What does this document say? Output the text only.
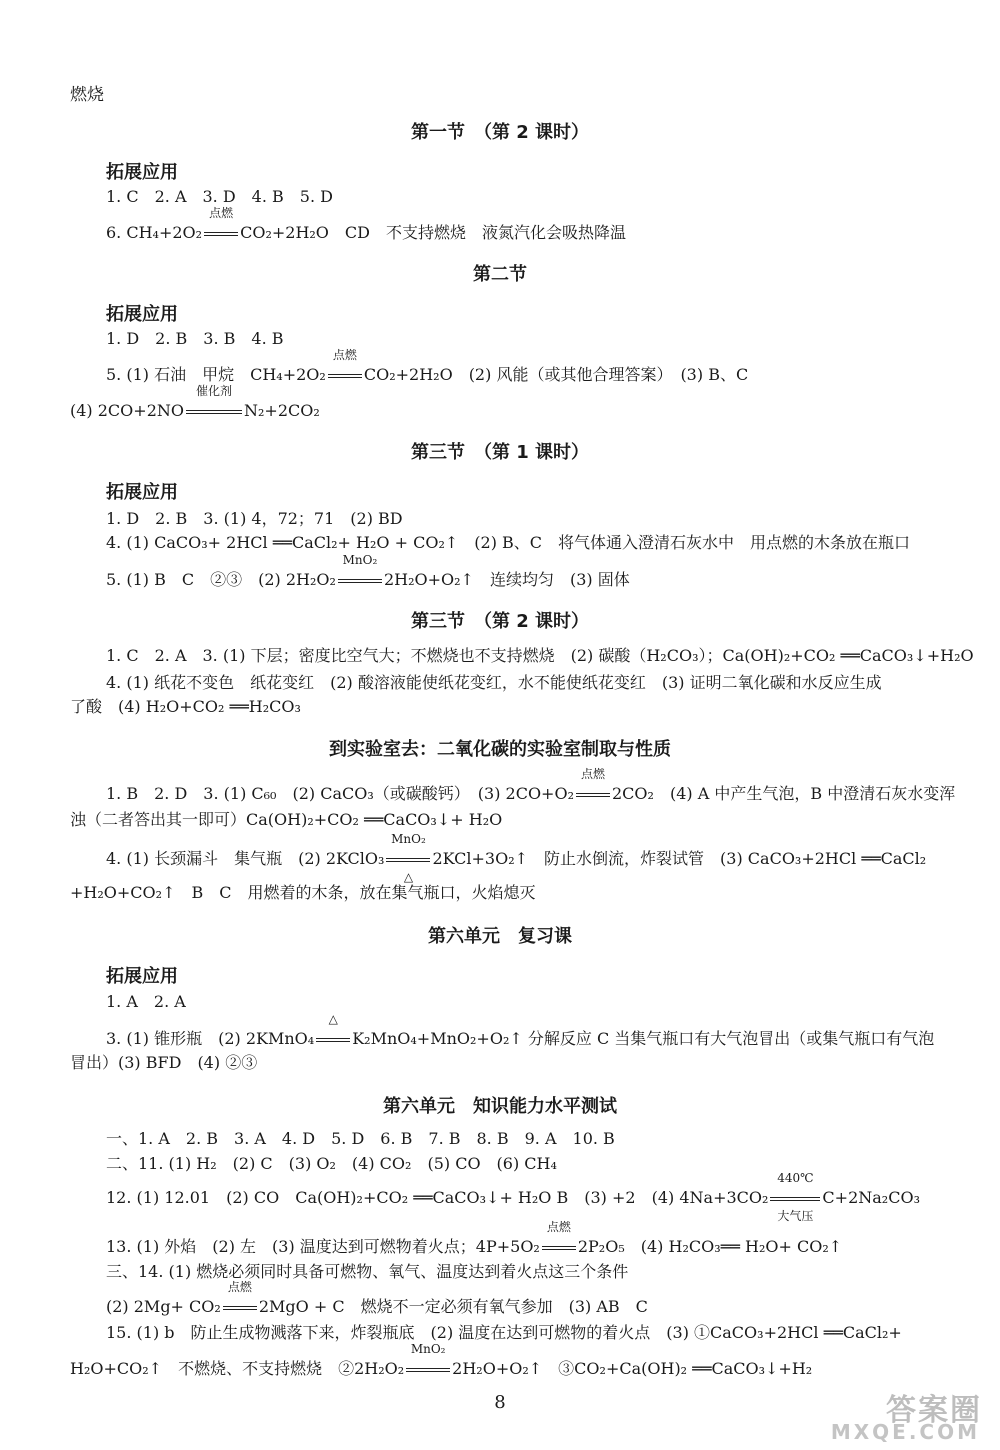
燃烧
第一节　（第 2 课时）
拓展应用
1. C　2. A　3. D　4. B　5. D
6. CH₄+2O₂
点燃
CO₂+2H₂O　CD　不支持燃烧　液氮汽化会吸热降温
第二节
拓展应用
1. D　2. B　3. B　4. B
5. (1) 石油　甲烷　CH₄+2O₂
点燃
CO₂+2H₂O　(2) 风能（或其他合理答案）　(3) B、C
(4) 2CO+2NO
催化剂
N₂+2CO₂
第三节　（第 1 课时）
拓展应用
1. D　2. B　3. (1) 4，72；71　(2) BD
4. (1) CaCO₃+ 2HCl ══CaCl₂+ H₂O + CO₂↑　(2) B、C　将气体通入澄清石灰水中　用点燃的木条放在瓶口
5. (1) B　C　②③　(2) 2H₂O₂
MnO₂
2H₂O+O₂↑　连续均匀　(3) 固体
第三节　（第 2 课时）
1. C　2. A　3. (1) 下层；密度比空气大；不燃烧也不支持燃烧　(2) 碳酸（H₂CO₃）；Ca(OH)₂+CO₂ ══CaCO₃↓+H₂O
4. (1) 纸花不变色　纸花变红　(2) 酸溶液能使纸花变红，水不能使纸花变红　(3) 证明二氧化碳和水反应生成
了酸　(4) H₂O+CO₂ ══H₂CO₃
到实验室去：二氧化碳的实验室制取与性质
1. B　2. D　3. (1) C₆₀　(2) CaCO₃（或碳酸钙）　(3) 2CO+O₂
点燃
2CO₂　(4) A 中产生气泡，B 中澄清石灰水变浑
浊（二者答出其一即可）Ca(OH)₂+CO₂ ══CaCO₃↓+ H₂O
4. (1) 长颈漏斗　集气瓶　(2) 2KClO₃
MnO₂
△
2KCl+3O₂↑　防止水倒流，炸裂试管　(3) CaCO₃+2HCl ══CaCl₂
+H₂O+CO₂↑　B　C　用燃着的木条，放在集气瓶口，火焰熄灭
第六单元　复习课
拓展应用
1. A　2. A
3. (1) 锥形瓶　(2) 2KMnO₄
△
K₂MnO₄+MnO₂+O₂↑ 分解反应 C 当集气瓶口有大气泡冒出（或集气瓶口有气泡
冒出）(3) BFD　(4) ②③
第六单元　知识能力水平测试
一、1. A　2. B　3. A　4. D　5. D　6. B　7. B　8. B　9. A　10. B
二、11. (1) H₂　(2) C　(3) O₂　(4) CO₂　(5) CO　(6) CH₄
12. (1) 12.01　(2) CO　Ca(OH)₂+CO₂ ══CaCO₃↓+ H₂O B　(3) +2　(4) 4Na+3CO₂
440℃
大气压
C+2Na₂CO₃
13. (1) 外焰　(2) 左　(3) 温度达到可燃物着火点；4P+5O₂
点燃
2P₂O₅　(4) H₂CO₃══ H₂O+ CO₂↑
三、14. (1) 燃烧必须同时具备可燃物、氧气、温度达到着火点这三个条件
(2) 2Mg+ CO₂
点燃
2MgO + C　燃烧不一定必须有氧气参加　(3) AB　C
15. (1) b　防止生成物溅落下来，炸裂瓶底　(2) 温度在达到可燃物的着火点　(3) ①CaCO₃+2HCl ══CaCl₂+
H₂O+CO₂↑　不燃烧、不支持燃烧　②2H₂O₂
MnO₂
2H₂O+O₂↑　③CO₂+Ca(OH)₂ ══CaCO₃↓+H₂
8	答案圈
MXQE.COM
